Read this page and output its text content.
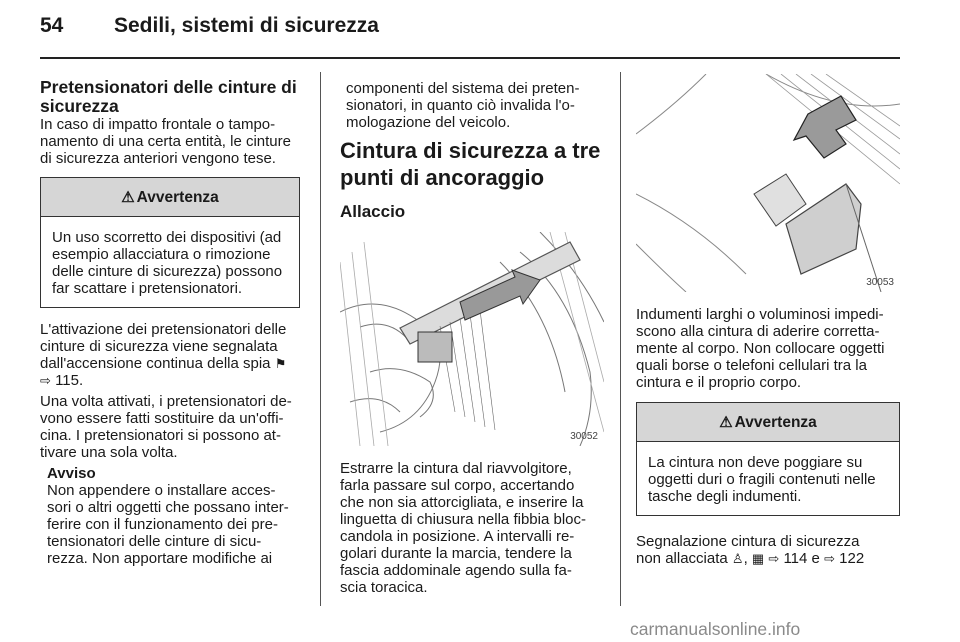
54 Sedili, sistemi di sicurezza
Pretensionatori delle cinture di sicurezza

In caso di impatto frontale o tampo-

namento di una certa entità, le cinture

di sicurezza anteriori vengono tese.

⚠ Avvertenza

Un uso scorretto dei dispositivi (ad

esempio allacciatura o rimozione

delle cinture di sicurezza) possono

far scattare i pretensionatori.

L'attivazione dei pretensionatori delle

cinture di sicurezza viene segnalata

dall'accensione continua della spia ⚑

⇨ 115.

Una volta attivati, i pretensionatori de-

vono essere fatti sostituire da un'offi-

cina. I pretensionatori si possono at-

tivare una sola volta.

Avviso

Non appendere o installare acces-

sori o altri oggetti che possano inter-

ferire con il funzionamento dei pre-

tensionatori delle cinture di sicu-

rezza. Non apportare modifiche ai

componenti del sistema dei preten-

sionatori, in quanto ciò invalida l'o-

mologazione del veicolo.

Cintura di sicurezza a tre
punti di ancoraggio
Allaccio
30052

Estrarre la cintura dal riavvolgitore,

farla passare sul corpo, accertando

che non sia attorcigliata, e inserire la

linguetta di chiusura nella fibbia bloc-

candola in posizione. A intervalli re-

golari durante la marcia, tendere la

fascia addominale agendo sulla fa-

scia toracica.

30053

Indumenti larghi o voluminosi impedi-

scono alla cintura di aderire corretta-

mente al corpo. Non collocare oggetti

quali borse o telefoni cellulari tra la

cintura e il proprio corpo.

⚠ Avvertenza

La cintura non deve poggiare su

oggetti duri o fragili contenuti nelle

tasche degli indumenti.

Segnalazione cintura di sicurezza

non allacciata ♙, ▦ ⇨ 114 e ⇨ 122

carmanualsonline.info
